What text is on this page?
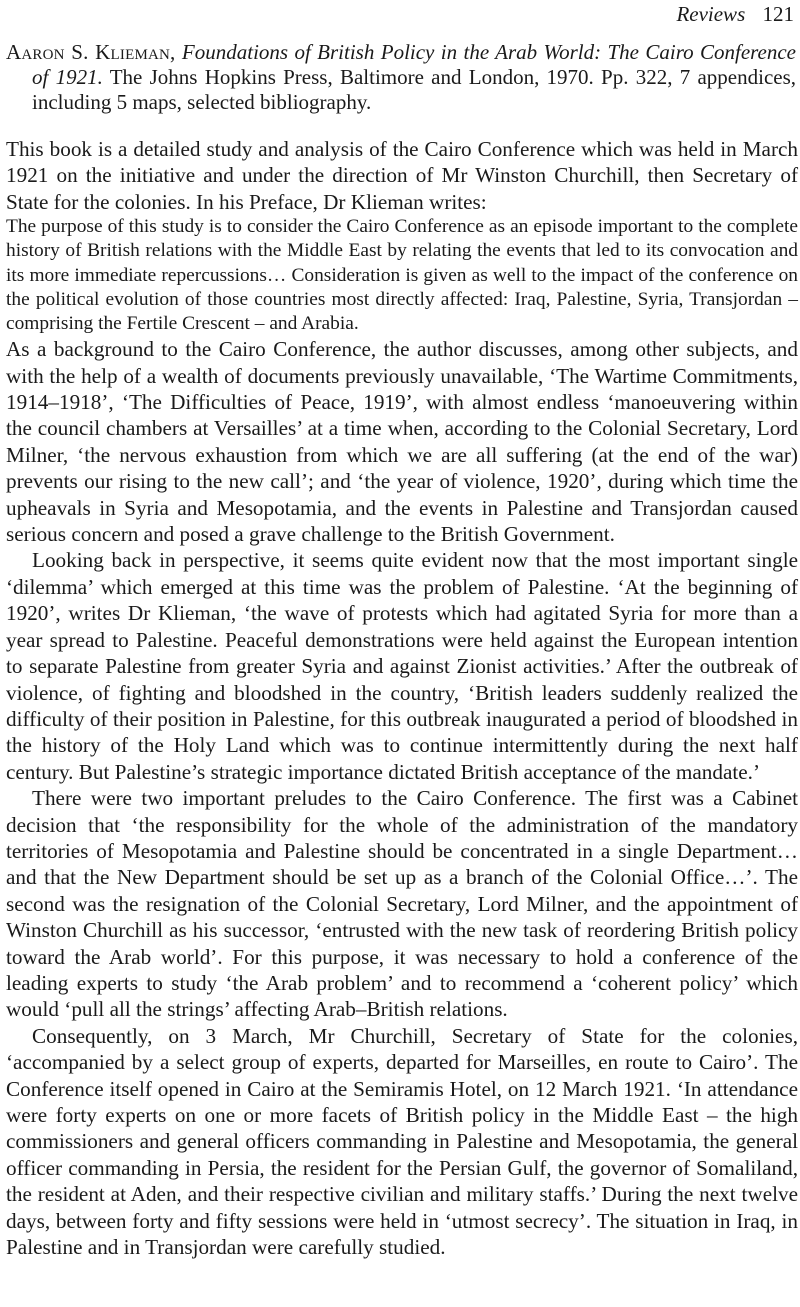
Reviews 121
Aaron S. Klieman, Foundations of British Policy in the Arab World: The Cairo Conference of 1921. The Johns Hopkins Press, Baltimore and London, 1970. Pp. 322, 7 appendices, including 5 maps, selected bibliography.

This book is a detailed study and analysis of the Cairo Conference which was held in March 1921 on the initiative and under the direction of Mr Winston Churchill, then Secretary of State for the colonies. In his Preface, Dr Klieman writes:

The purpose of this study is to consider the Cairo Conference as an episode important to the complete history of British relations with the Middle East by relating the events that led to its convocation and its more immediate repercussions… Consideration is given as well to the impact of the conference on the political evolution of those countries most directly affected: Iraq, Palestine, Syria, Transjordan – comprising the Fertile Crescent – and Arabia.

As a background to the Cairo Conference, the author discusses, among other subjects, and with the help of a wealth of documents previously unavailable, ‘The Wartime Commitments, 1914–1918’, ‘The Difficulties of Peace, 1919’, with almost endless ‘manoeuvering within the council chambers at Versailles’ at a time when, according to the Colonial Secretary, Lord Milner, ‘the nervous exhaustion from which we are all suffering (at the end of the war) prevents our rising to the new call’; and ‘the year of violence, 1920’, during which time the upheavals in Syria and Mesopotamia, and the events in Palestine and Transjordan caused serious concern and posed a grave challenge to the British Government.

Looking back in perspective, it seems quite evident now that the most important single ‘dilemma’ which emerged at this time was the problem of Palestine. ‘At the beginning of 1920’, writes Dr Klieman, ‘the wave of protests which had agitated Syria for more than a year spread to Palestine. Peaceful demonstrations were held against the European intention to separate Palestine from greater Syria and against Zionist activities.’ After the outbreak of violence, of fighting and bloodshed in the country, ‘British leaders suddenly realized the difficulty of their position in Palestine, for this outbreak inaugurated a period of bloodshed in the history of the Holy Land which was to continue intermittently during the next half century. But Palestine’s strategic importance dictated British acceptance of the mandate.’

There were two important preludes to the Cairo Conference. The first was a Cabinet decision that ‘the responsibility for the whole of the administration of the mandatory territories of Mesopotamia and Palestine should be concentrated in a single Department… and that the New Department should be set up as a branch of the Colonial Office…’. The second was the resignation of the Colonial Secretary, Lord Milner, and the appointment of Winston Churchill as his successor, ‘entrusted with the new task of reordering British policy toward the Arab world’. For this purpose, it was necessary to hold a conference of the leading experts to study ‘the Arab problem’ and to recommend a ‘coherent policy’ which would ‘pull all the strings’ affecting Arab–British relations.

Consequently, on 3 March, Mr Churchill, Secretary of State for the colonies, ‘accompanied by a select group of experts, departed for Marseilles, en route to Cairo’. The Conference itself opened in Cairo at the Semiramis Hotel, on 12 March 1921. ‘In attendance were forty experts on one or more facets of British policy in the Middle East – the high commissioners and general officers commanding in Palestine and Mesopotamia, the general officer commanding in Persia, the resident for the Persian Gulf, the governor of Somaliland, the resident at Aden, and their respective civilian and military staffs.’ During the next twelve days, between forty and fifty sessions were held in ‘utmost secrecy’. The situation in Iraq, in Palestine and in Transjordan were carefully studied.
